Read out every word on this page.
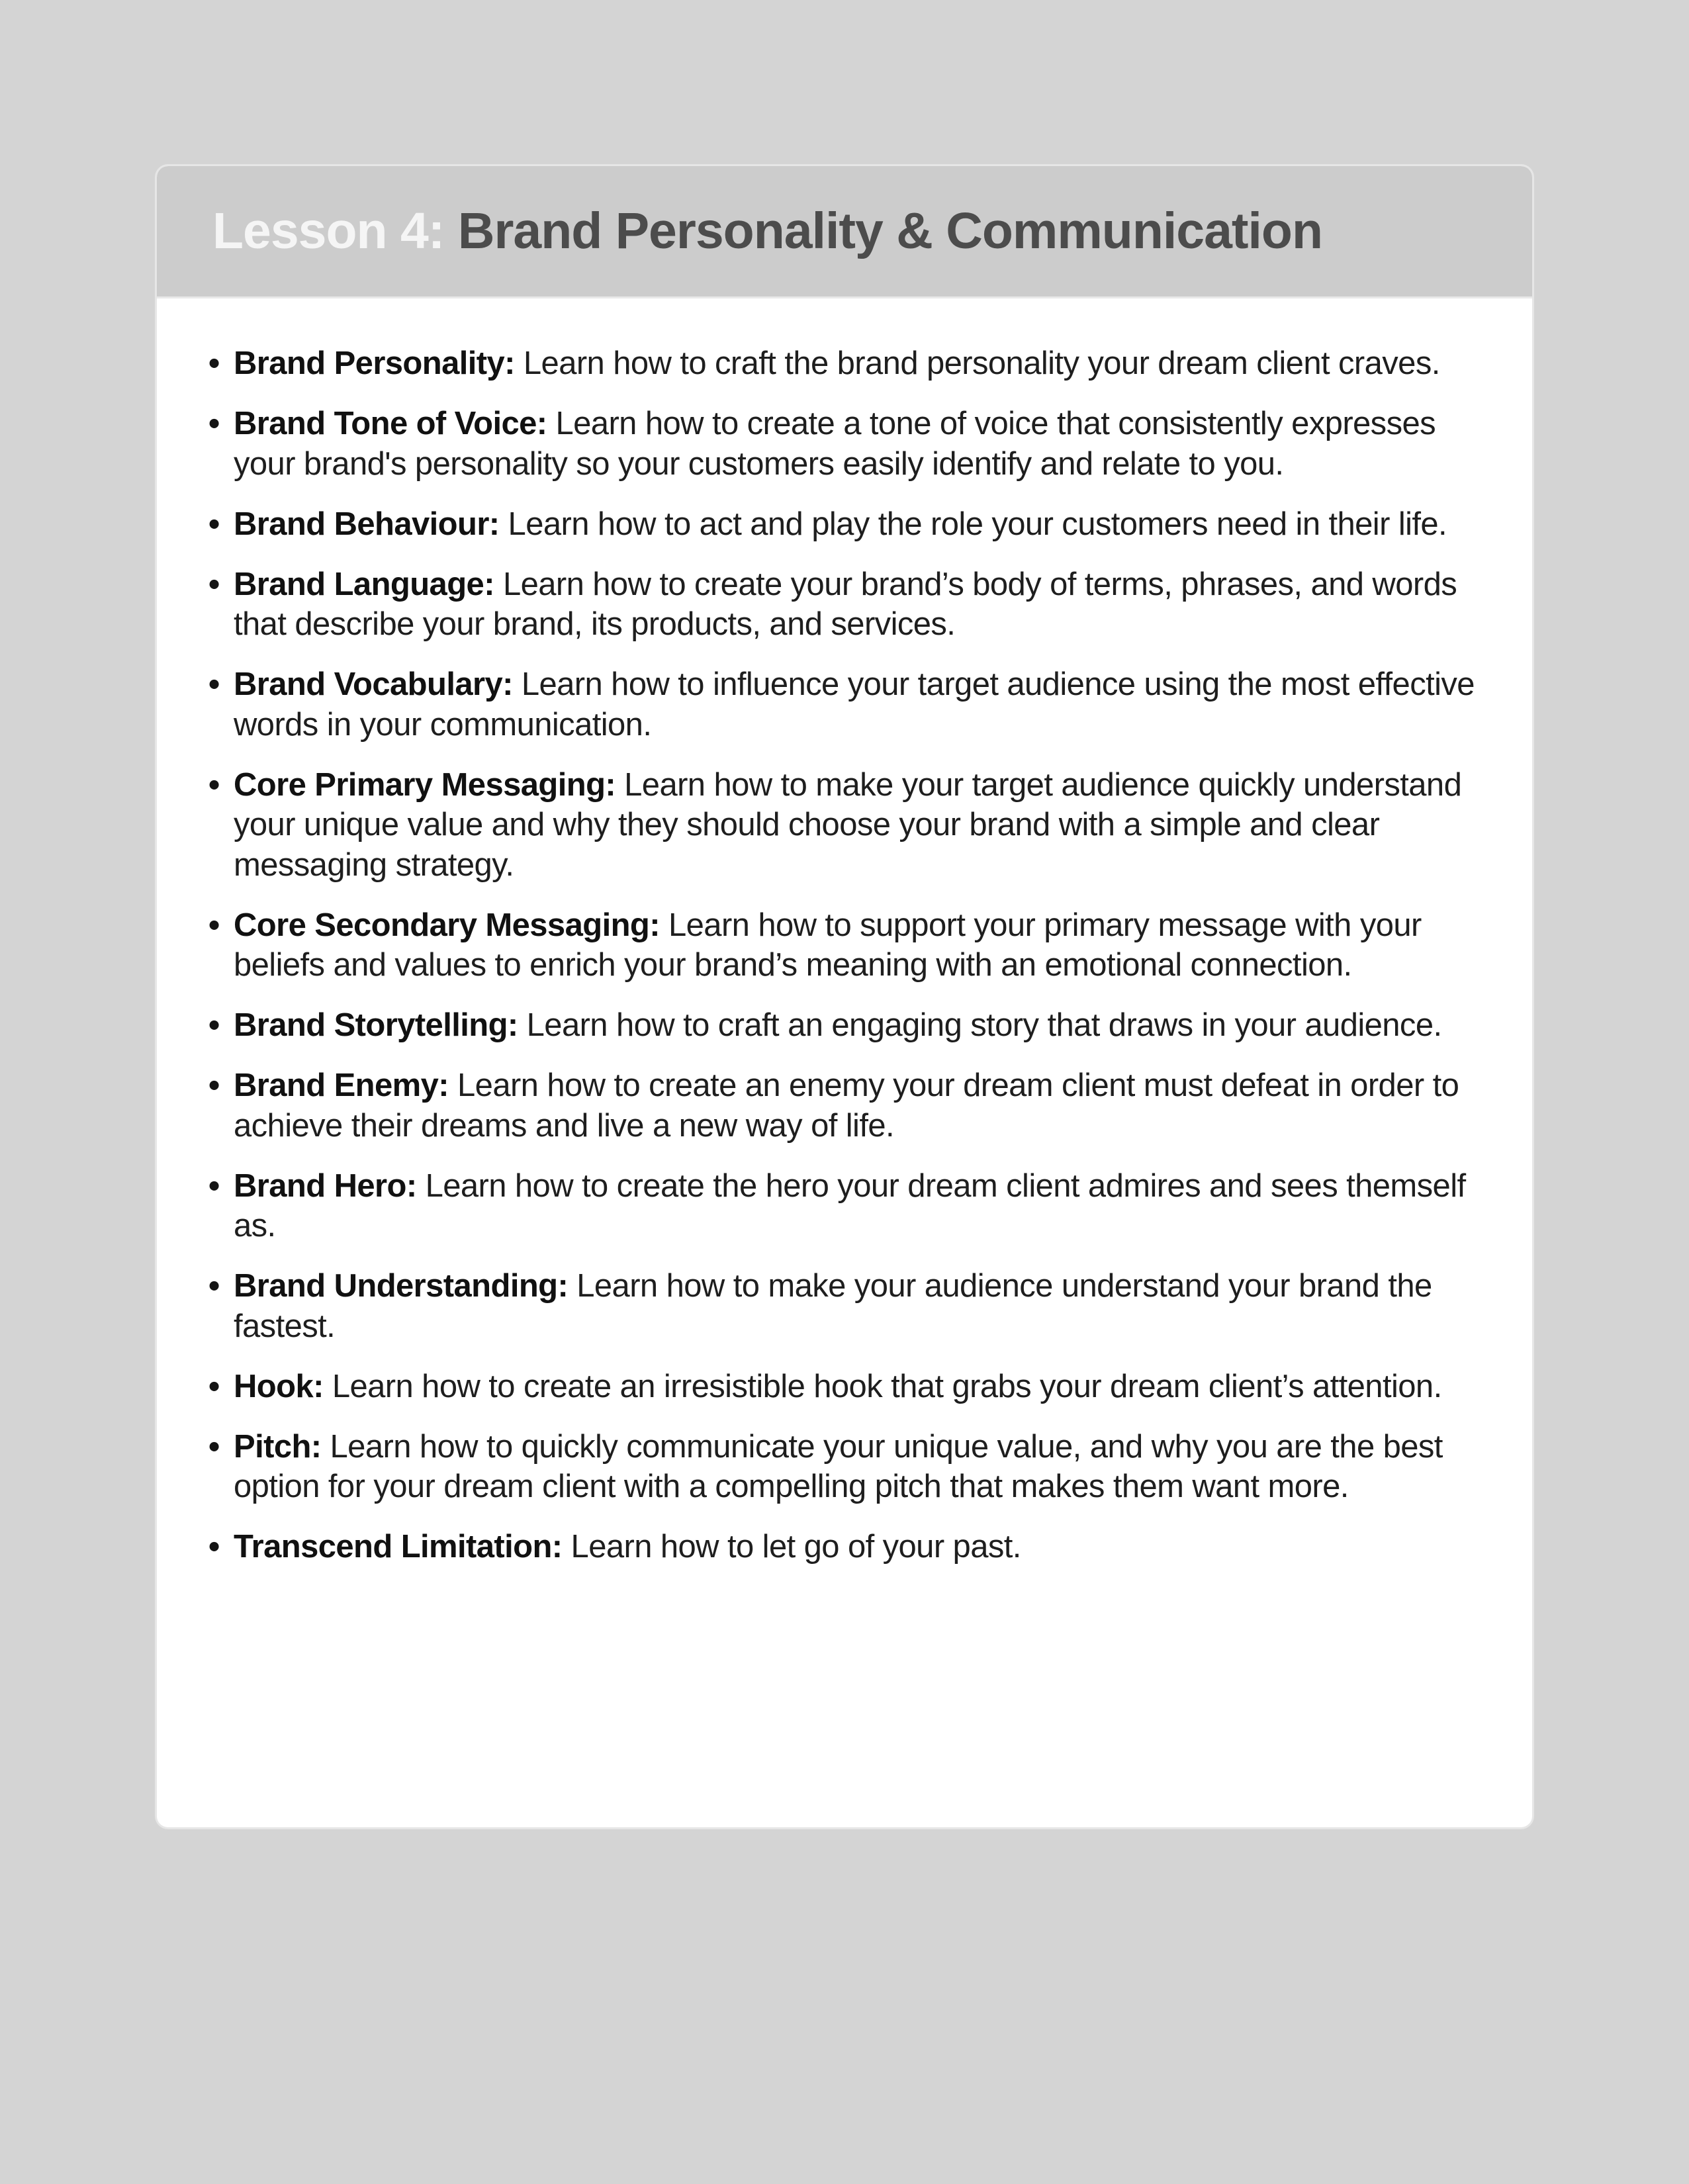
Lesson 4: Brand Personality & Communication
• Brand Personality: Learn how to craft the brand personality your dream client craves.
• Brand Tone of Voice: Learn how to create a tone of voice that consistently expresses your brand's personality so your customers easily identify and relate to you.
• Brand Behaviour: Learn how to act and play the role your customers need in their life.
• Brand Language: Learn how to create your brand’s body of terms, phrases, and words that describe your brand, its products, and services.
• Brand Vocabulary: Learn how to influence your target audience using the most effective words in your communication.
• Core Primary Messaging: Learn how to make your target audience quickly understand your unique value and why they should choose your brand with a simple and clear messaging strategy.
• Core Secondary Messaging: Learn how to support your primary message with your beliefs and values to enrich your brand’s meaning with an emotional connection.
• Brand Storytelling: Learn how to craft an engaging story that draws in your audience.
• Brand Enemy: Learn how to create an enemy your dream client must defeat in order to achieve their dreams and live a new way of life.
• Brand Hero: Learn how to create the hero your dream client admires and sees themself as.
• Brand Understanding: Learn how to make your audience understand your brand the fastest.
• Hook: Learn how to create an irresistible hook that grabs your dream client’s attention.
• Pitch: Learn how to quickly communicate your unique value, and why you are the best option for your dream client with a compelling pitch that makes them want more.
• Transcend Limitation: Learn how to let go of your past.
